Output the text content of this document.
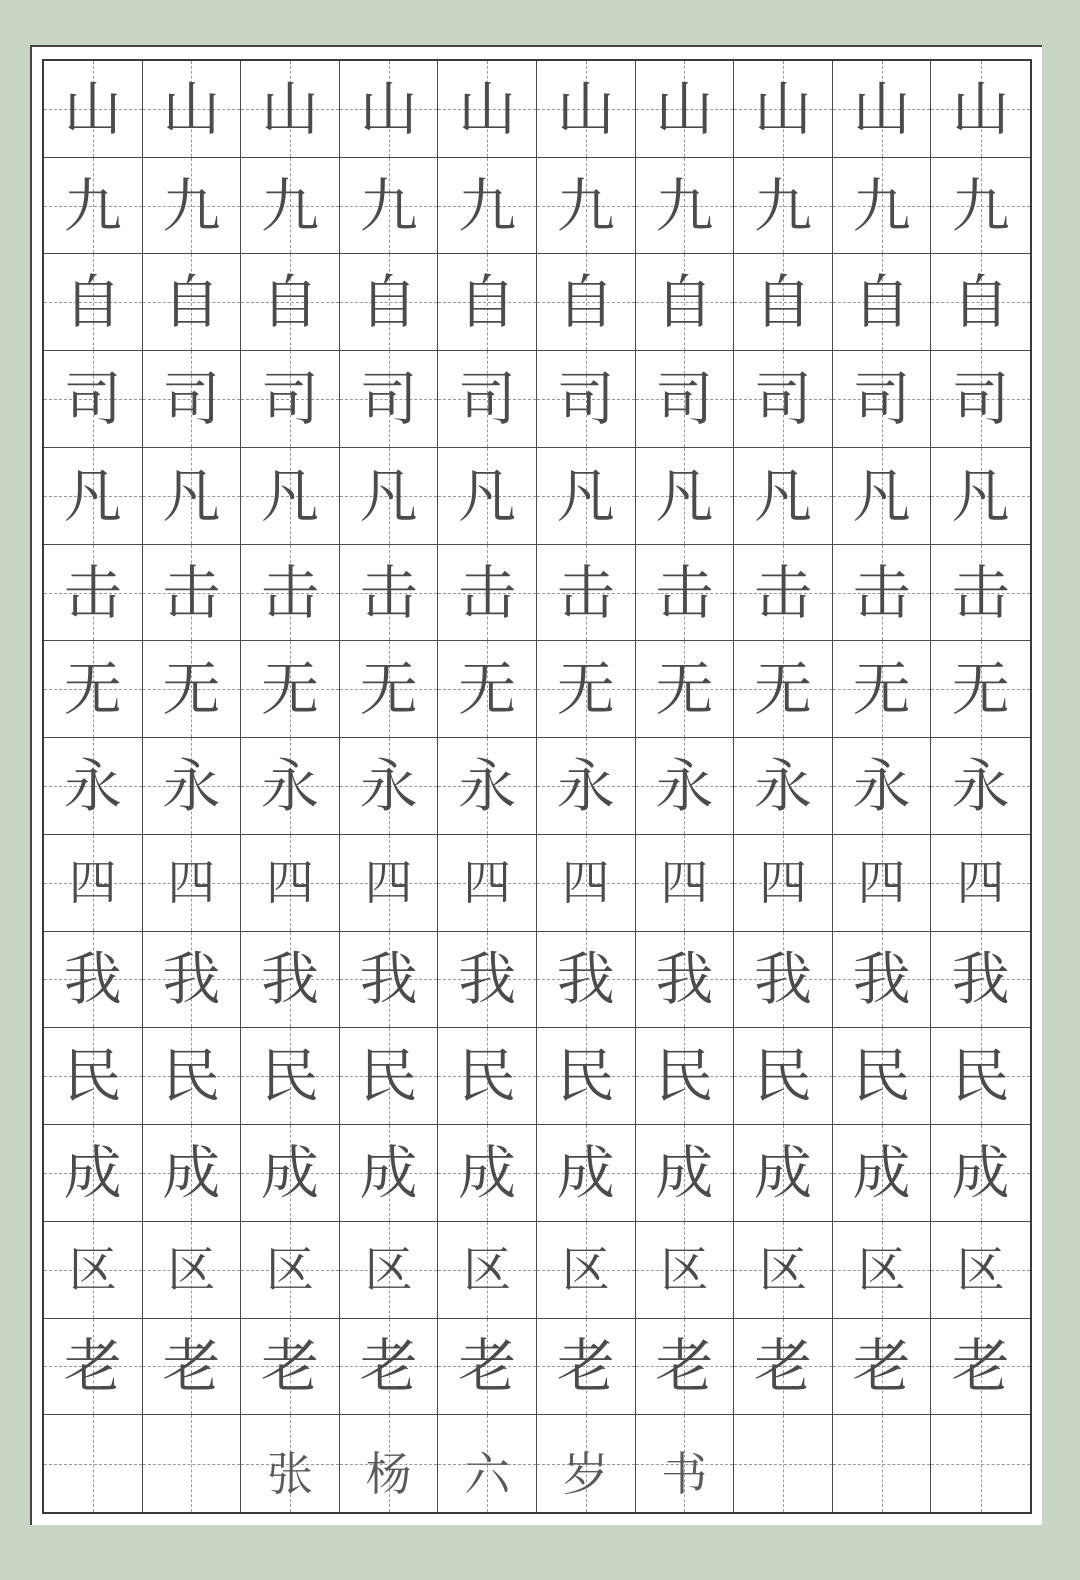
山 山 山 山 山 山 山 山 山 山
九 九 九 九 九 九 九 九 九 九
自 自 自 自 自 自 自 自 自 自
司 司 司 司 司 司 司 司 司 司
凡 凡 凡 凡 凡 凡 凡 凡 凡 凡
击 击 击 击 击 击 击 击 击 击
无 无 无 无 无 无 无 无 无 无
永 永 永 永 永 永 永 永 永 永
四 四 四 四 四 四 四 四 四 四
我 我 我 我 我 我 我 我 我 我
民 民 民 民 民 民 民 民 民 民
成 成 成 成 成 成 成 成 成 成
区 区 区 区 区 区 区 区 区 区
老 老 老 老 老 老 老 老 老 老
张 杨 六 岁 书
